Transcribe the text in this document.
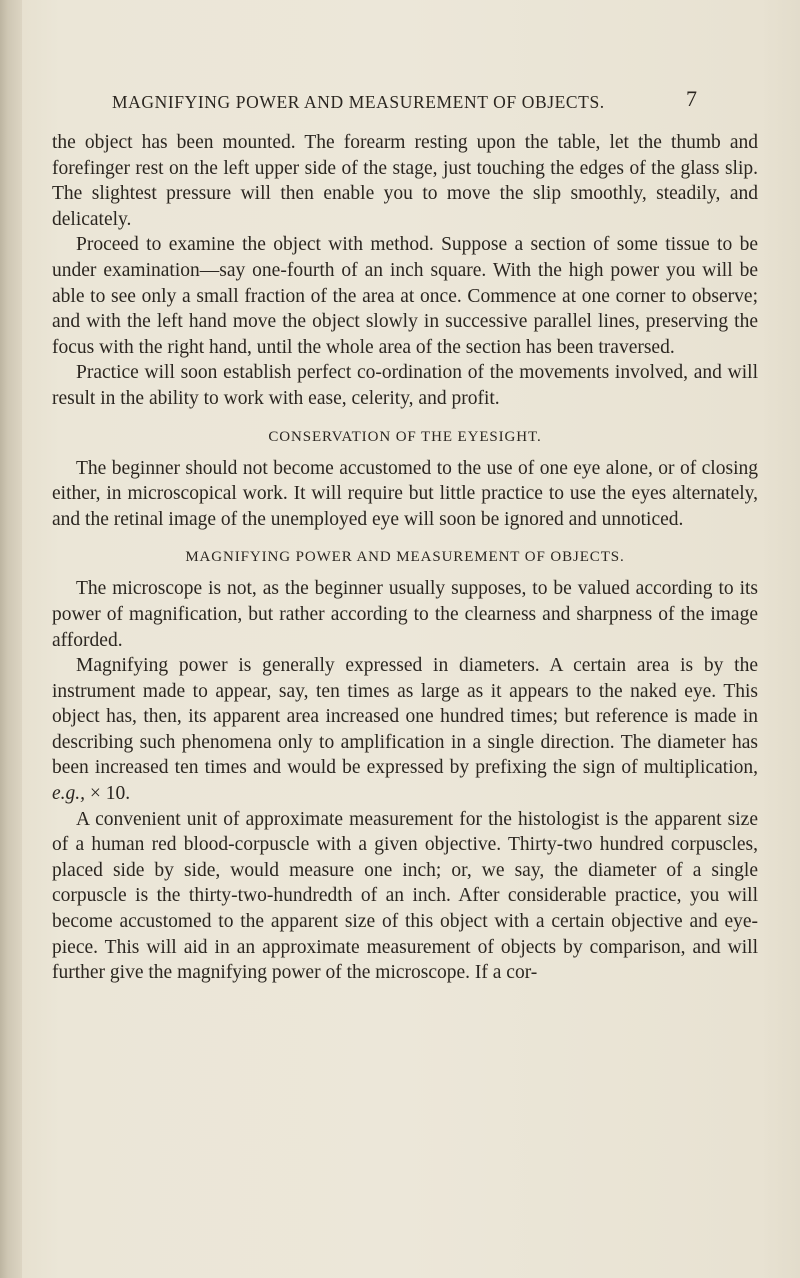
MAGNIFYING POWER AND MEASUREMENT OF OBJECTS.	7

the object has been mounted. The forearm resting upon the table, let the thumb and forefinger rest on the left upper side of the stage, just touching the edges of the glass slip. The slightest pressure will then enable you to move the slip smoothly, steadily, and delicately.

Proceed to examine the object with method. Suppose a section of some tissue to be under examination—say one-fourth of an inch square. With the high power you will be able to see only a small fraction of the area at once. Commence at one corner to observe; and with the left hand move the object slowly in successive parallel lines, preserving the focus with the right hand, until the whole area of the section has been traversed.

Practice will soon establish perfect co-ordination of the movements involved, and will result in the ability to work with ease, celerity, and profit.

CONSERVATION OF THE EYESIGHT.

The beginner should not become accustomed to the use of one eye alone, or of closing either, in microscopical work. It will require but little practice to use the eyes alternately, and the retinal image of the unemployed eye will soon be ignored and unnoticed.

MAGNIFYING POWER AND MEASUREMENT OF OBJECTS.

The microscope is not, as the beginner usually supposes, to be valued according to its power of magnification, but rather according to the clearness and sharpness of the image afforded.

Magnifying power is generally expressed in diameters. A certain area is by the instrument made to appear, say, ten times as large as it appears to the naked eye. This object has, then, its apparent area increased one hundred times; but reference is made in describing such phenomena only to amplification in a single direction. The diameter has been increased ten times and would be expressed by prefixing the sign of multiplication, e.g., × 10.

A convenient unit of approximate measurement for the histologist is the apparent size of a human red blood-corpuscle with a given objective. Thirty-two hundred corpuscles, placed side by side, would measure one inch; or, we say, the diameter of a single corpuscle is the thirty-two-hundredth of an inch. After considerable practice, you will become accustomed to the apparent size of this object with a certain objective and eye-piece. This will aid in an approximate measurement of objects by comparison, and will further give the magnifying power of the microscope. If a cor-
